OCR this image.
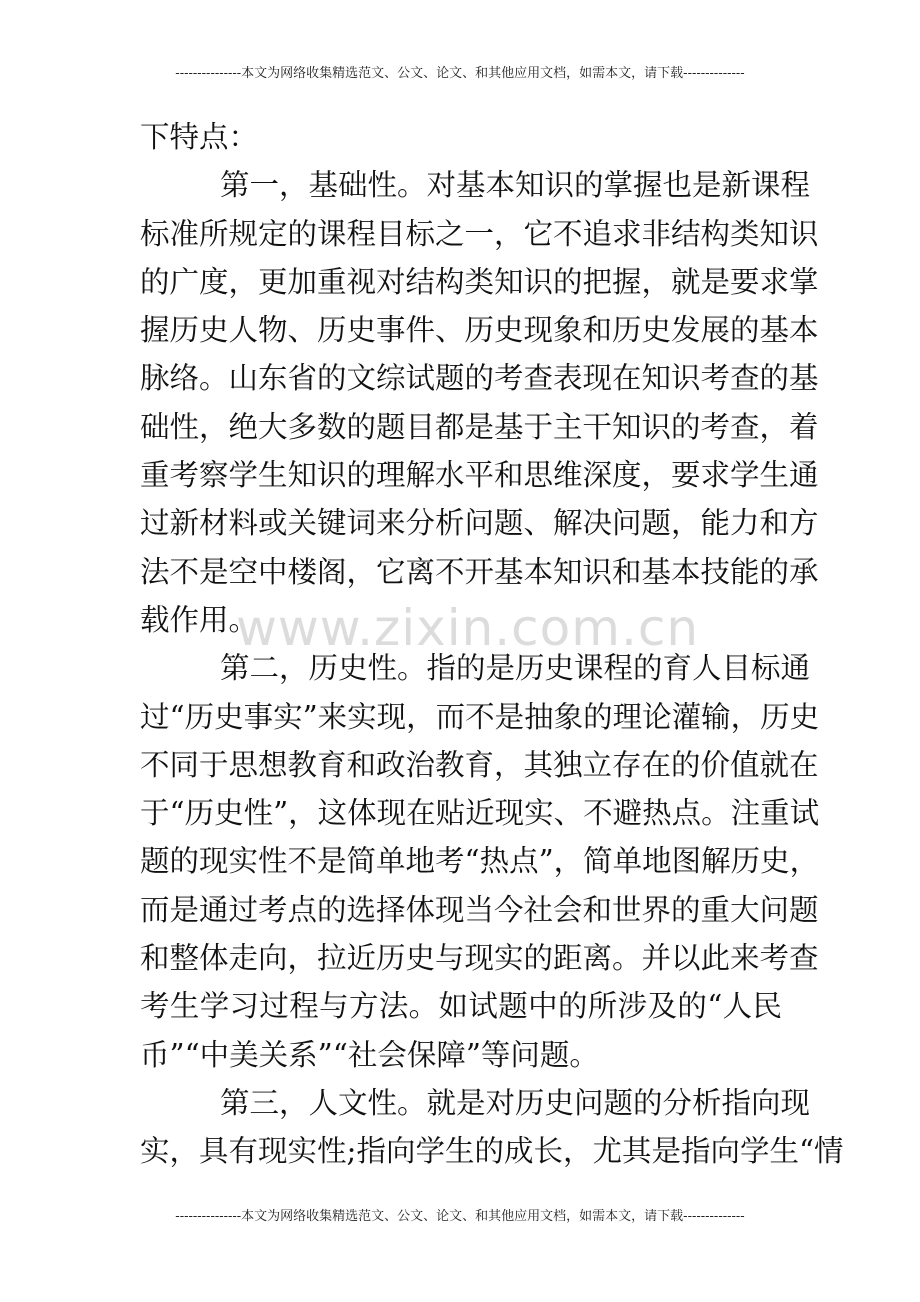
---------------本文为网络收集精选范文、公文、论文、和其他应用文档，如需本文，请下载--------------
www.zixin.com.cn
下特点：
第一，基础性。对基本知识的掌握也是新课程
标准所规定的课程目标之一，它不追求非结构类知识
的广度，更加重视对结构类知识的把握，就是要求掌
握历史人物、历史事件、历史现象和历史发展的基本
脉络。山东省的文综试题的考查表现在知识考查的基
础性，绝大多数的题目都是基于主干知识的考查，着
重考察学生知识的理解水平和思维深度，要求学生通
过新材料或关键词来分析问题、解决问题，能力和方
法不是空中楼阁，它离不开基本知识和基本技能的承
载作用。
第二，历史性。指的是历史课程的育人目标通
过“历史事实”来实现，而不是抽象的理论灌输，历史
不同于思想教育和政治教育，其独立存在的价值就在
于“历史性”，这体现在贴近现实、不避热点。注重试
题的现实性不是简单地考“热点”，简单地图解历史，
而是通过考点的选择体现当今社会和世界的重大问题
和整体走向，拉近历史与现实的距离。并以此来考查
考生学习过程与方法。如试题中的所涉及的“人民
币”“中美关系”“社会保障”等问题。
第三，人文性。就是对历史问题的分析指向现
实，具有现实性;指向学生的成长，尤其是指向学生“情
---------------本文为网络收集精选范文、公文、论文、和其他应用文档，如需本文，请下载--------------
